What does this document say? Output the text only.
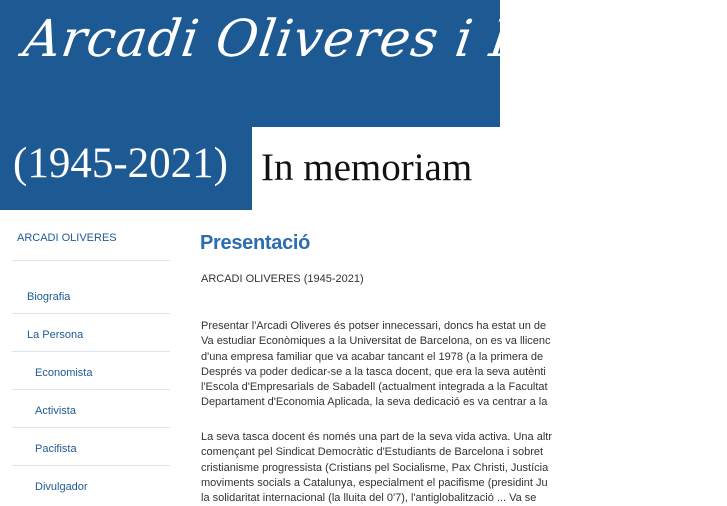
Arcadi Oliveres i Boadella
(1945-2021) In memoriam
ARCADI OLIVERES
Biografia
La Persona
Economista
Activista
Pacifista
Divulgador
Presentació
ARCADI OLIVERES (1945-2021)
Presentar l'Arcadi Oliveres és potser innecessari, doncs ha estat un de
Va estudiar Econòmiques a la Universitat de Barcelona, on es va llicenc
d'una empresa familiar que va acabar tancant el 1978 (a la primera de
Després va poder dedicar-se a la tasca docent, que era la seva autènti
l'Escola d'Empresarials de Sabadell (actualment integrada a la Facultat
Departament d'Economia Aplicada, la seva dedicació es va centrar a la
La seva tasca docent és només una part de la seva vida activa. Una altr
començant pel Sindicat Democràtic d'Estudiants de Barcelona i sobret
cristianisme progressista (Cristians pel Socialisme, Pax Christi, Justícia
moviments socials a Catalunya, especialment el pacifisme (presidint Ju
la solidaritat internacional (la lluita del 0'7), l'antiglobalització ... Va se
